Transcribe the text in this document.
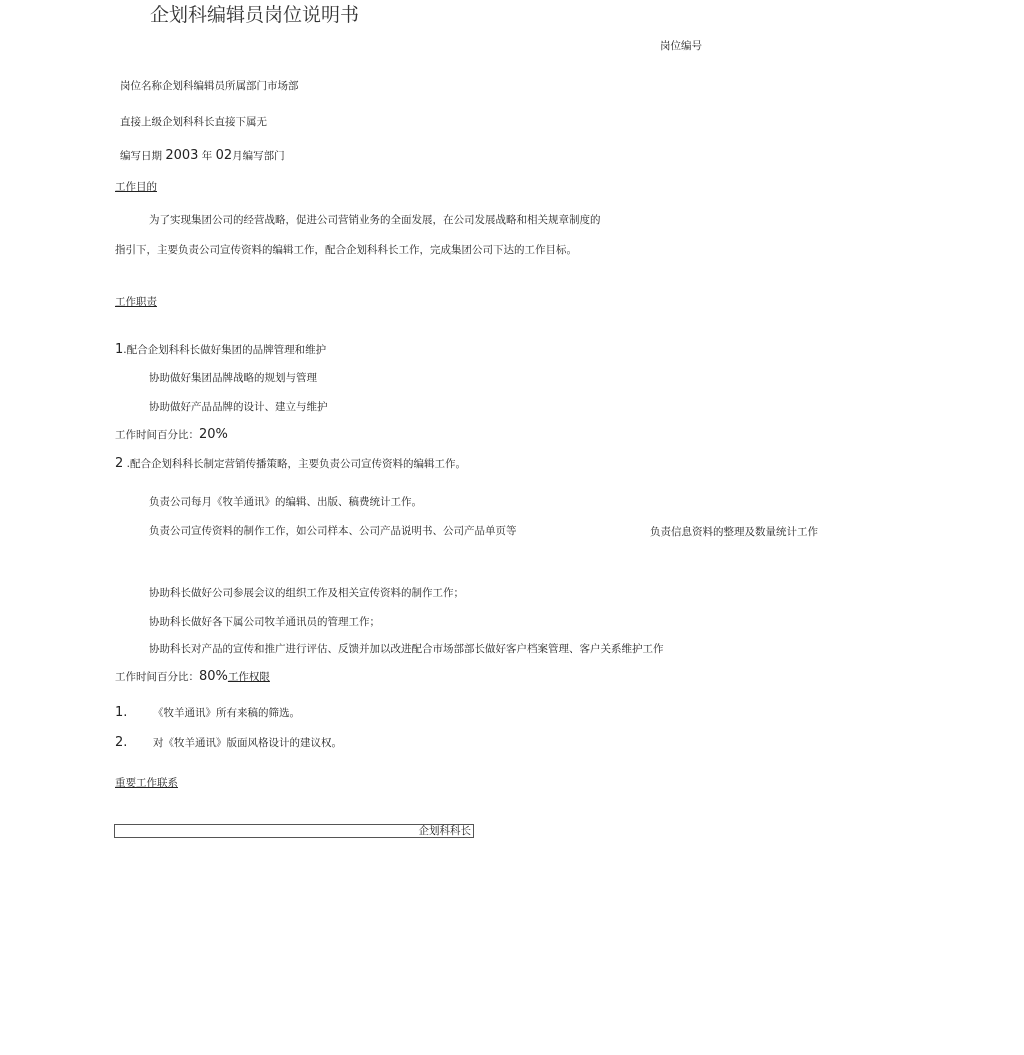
企划科编辑员岗位说明书
岗位编号
岗位名称企划科编辑员所属部门市场部
直接上级企划科科长直接下属无
编写日期 2003 年 02月编写部门
工作目的
为了实现集团公司的经营战略，促进公司营销业务的全面发展，在公司发展战略和相关规章制度的
指引下，主要负责公司宣传资料的编辑工作，配合企划科科长工作，完成集团公司下达的工作目标。
工作职责
1.配合企划科科长做好集团的品牌管理和维护
协助做好集团品牌战略的规划与管理
协助做好产品品牌的设计、建立与维护
工作时间百分比：20%
2 .配合企划科科长制定营销传播策略，主要负责公司宣传资料的编辑工作。
负责公司每月《牧羊通讯》的编辑、出版、稿费统计工作。
负责公司宣传资料的制作工作，如公司样本、公司产品说明书、公司产品单页等	负责信息资料的整理及数量统计工作
协助科长做好公司参展会议的组织工作及相关宣传资料的制作工作；
协助科长做好各下属公司牧羊通讯员的管理工作；
协助科长对产品的宣传和推广进行评估、反馈并加以改进配合市场部部长做好客户档案管理、客户关系维护工作
工作时间百分比：80%工作权限
1. 《牧羊通讯》所有来稿的筛选。
2. 对《牧羊通讯》版面风格设计的建议权。
重要工作联系
企划科科长
